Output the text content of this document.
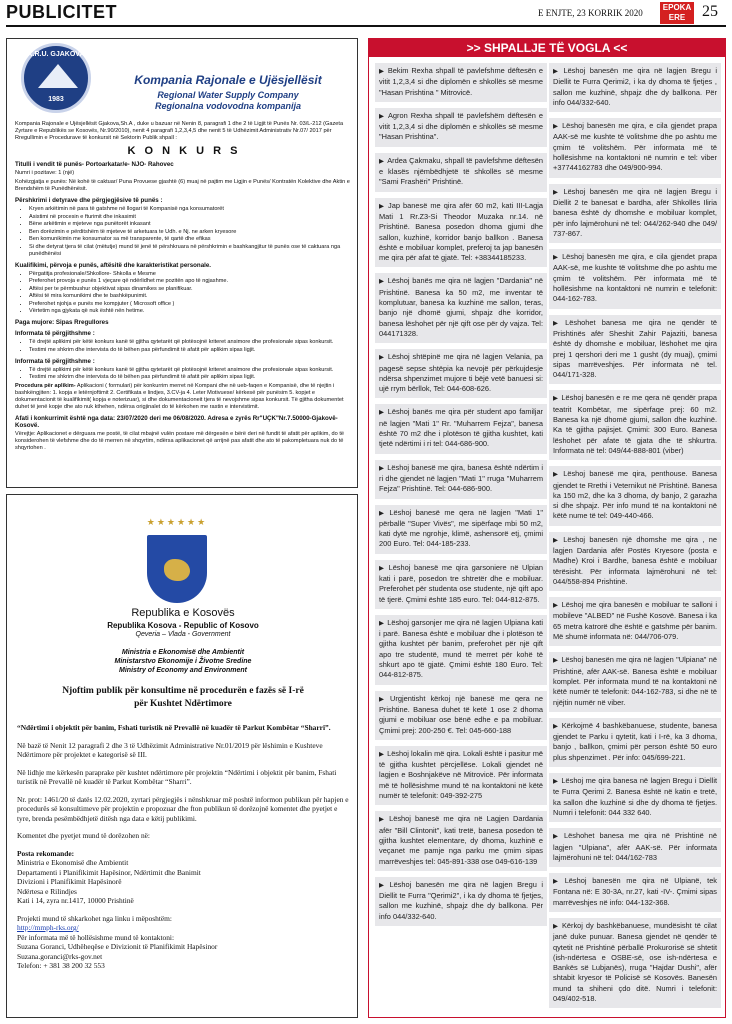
PUBLICITET	E ENJTE, 23 KORRIK 2020
EPOKA
ERE	25
K.R.U. GJAKOVA
1983
Kompania Rajonale e Ujësjellësit
Regional Water Supply Company
Regionalna vodovodna kompanija

Kompania Rajonale e Ujësjellësit Gjakova,Sh.A , duke u bazuar në Nenin 8, paragrafi 1 dhe 2 të Ligjit të Punës Nr. 03/L-212 (Gazeta Zyrtare e Republikës se Kosovës, Nr.90/2010), nenit 4 paragrafi 1,2,3,4,5 dhe nenit 5 të Udhëzimit Administrativ Nr.07/ 2017 për Rregullimin e Procedurave të konkursit në Sektorin Publik shpall :

K O N K U R S

Titulli i vendit të punës- Portoarkatar/e- NJO- Rahovec

Numri i pozitave: 1 (një)

Kohëzgjatja e punës: Në kohë të caktuar/ Puna Provuese gjashtë (6) muaj në pajtim me Ligjin e Punës/ Kontratën Kolektive dhe Aktin e Brendshëm të Punëdhënësit.

Përshkrimi i detyrave dhe përgjegjësive të punës :

• Kryen arkëtimin në para të gatshme në llogari të Kompanisë nga konsumatorët
• Asistimi në procesin e fturimit dhe inkasimit
• Bëne arkëtimin e mjeteve nga punëtorët inkasant
• Ben dorëzimin e përditshëm të mjeteve të arketuara te Udh. e Nj. ne arken kryesore
• Ben komunikimin me konsumator sa më transparente, të qartë dhe efikas
• Si dhe detyrat tjera të cilat (mëtutje) mund të jenë të përshkruara në përshkrimin e bashkangjitur të punës ose të caktuara nga punëdhënësi

Kualifikimi, përvoja e punës, aftësitë dhe karakteristikat personale.

• Përgatitja profesionale/Shkollore- Shkolla e Mesme
• Preferohet provoja e punës 1 vjeçare që ndërlidhet me pozitën apo të ngjashme.
• Aftësi per te përmbushur objektivat sipas dinamikes se planifikuar.
• Aftësi të mira komunikimi dhe te bashkëpunimit.
• Preferohet njohja e punës me kompjuter ( Microsoft office )
• Vërtetim nga gjykata që nuk është nën hetime.

Paga mujore: Sipas Rregullores

Informata të përgjithshme :

• Të drejtë aplikimi për këtë konkurs kanë të gjitha qytetarët që plotësojnë kriteret ansimore dhe profesionale sipas konkursit.
• Testimi me shkrim dhe intervista do të bëhen pas përfundimit të afatit për aplikim sipas ligjit.

Informata të përgjithshme :

• Të drejtë aplikimi për këtë konkurs kanë të gjitha qytetarët që plotësojnë kriteret ansimore dhe profesionale sipas konkursit.
• Testimi me shkrim dhe intervista do të bëhen pas përfundimit të afatit për aplikim sipas ligjit.

Procedura për aplikim- Aplikacioni ( formulari) për konkurrim merret në Kompani dhe në ueb-faqen e Kompanisë, dhe të njejtin i bashkëngjiten: 1. kopja e letërnjoftimit 2. Certifikata e lindjes, 3.CV-ja 4. Leter Motivuese/ kërkesë për punësim 5. kopjet e dokumentacionit të kualifikimit( kopja e noterizuar), si dhe dokumentacioneit tjera të nevojshme sipas konkursit. Të gjitha dokumentet duhet të jenë kopje dhe ato nuk kthehen, ndërsa origjinalet do të kërkohen me rastin e intervistimit.

Afati i konkurrimit është nga data: 23/07/2020 deri me 06/08/2020. Adresa e zyrës Rr"UÇK"Nr.7.50000-Gjakovë- Kosovë.

Vërejtje: Aplikacionet e dërguara me postë, të cilat mbajnë vulën postare më dërgesën e bërë deri në fundit të afatit për aplikim, do të konsiderohen të vlefshme dhe do të merren në shqyrtim, ndërsa aplikacionet që arrijnë pas afatit dhe ato të pakompletuara nuk do të shqyrtohen .

★★★★★★
Republika e Kosovës
Republika Kosova - Republic of Kosovo
Qeveria – Vlada - Government
Ministria e Ekonomisë dhe Ambientit
Ministarstvo Ekonomije i Životne Sredine
Ministry of Economy and Environment
Njoftim publik për konsultime në procedurën e fazës së I-rë
për Kushtet Ndërtimore

“Ndërtimi i objektit për banim, Fshati turistik në Prevallë në kuadër të Parkut Kombëtar “Sharri”.

Në bazë të Nenit 12 paragrafi 2 dhe 3 të Udhëzimit Administrative Nr.01/2019 për lëshimin e Kushteve Ndërtimore për projektet e kategorisë së III.

Në lidhje me kërkesën paraprake për kushtet ndërtimore për projektin “Ndërtimi i objektit për banim, Fshati turistik në Prevallë në kuadër të Parkut Kombëtar “Sharri”.

Nr. prot: 1461/20 të datës 12.02.2020, zyrtari përgjegjës i nënshkruar më poshtë informon publikun për hapjen e procedurës së konsultimeve për projektin e propozuar dhe fton publikun të dorëzojnë komentet dhe pyetjet e tyre, brenda pesëmbëdhjetë ditësh nga data e këtij publikimi.

Komentet dhe pyetjet mund të dorëzohen në:

Posta rekomande:
Ministria e Ekonomisë dhe Ambientit
Departamenti i Planifikimit Hapësinor, Ndërtimit dhe Banimit
Divizioni i Planifikimit Hapësinorë
Ndërtesa e Rilindjes
Kati i 14, zyra nr.1417, 10000 Prishtinë

Projekti mund të shkarkohet nga linku i mëposhtëm:
http://mmph-rks.org/
Për informata më të hollësishme mund të kontaktoni:
Suzana Goranci, Udhëheqëse e Divizionit të Planifikimit Hapësinor
Suzana.goranci@rks-gov.net
Telefon: + 381 38 200 32 553

>> SHPALLJE TË VOGLA <<
▶ Bekim Rexha shpall të pavlefshme dëftesën e vitit 1,2,3,4 si dhe diplomën e shkollës së mesme "Hasan Prishtina " Mitrovicë.
▶ Agron Rexha shpall të pavlefshëm dëftesën e vitit 1,2,3,4 si dhe diplomën e shkollës së mesme "Hasan Prishtina".
▶ Ardea Çakmaku, shpall të pavlefshme dëftesën e klasës njëmbëdhjetë të shkollës së mesme "Sami Frashëri" Prishtinë.
▶ Jap banesë me qira afër 60 m2, kati III-Lagja Mati 1 Rr.Z3-Si Theodor Muzaka nr.14. në Prishtinë. Banesa posedon dhoma gjumi dhe sallon, kuzhinë, korridor banjo ballkon . Banesa është e mobiluar komplet, preferoj ta jap banesën me qira për afat të gjatë. Tel: +38344185233.
▶ Lëshoj banës me qira në lagjen "Dardania" në Prishtinë. Banesa ka 50 m2, me inventar të komplutuar, banesa ka kuzhinë me sallon, teras, banjo një dhomë gjumi, shpajz dhe korridor, banesa lëshohet për një qift ose për dy vajza. Tel: 044171328.
▶ Lëshoj shtëpinë me qira në lagjen Velania, pa pagesë sepse shtëpia ka nevojë për përkujdesje ndërsa shpenzimet mujore ti bëjë vetë banuesi si: ujë rrym bërllok, Tel: 044-608-626.
▶ Lëshoj banës me qira për student apo familjar në lagjen "Mati 1" Rr. "Muharrem Fejza", banesa është 70 m2 dhe i plotëson të gjitha kushtet, kati tjetë ndërtimi i ri tel: 044-686-900.
▶ Lëshoj banesë me qira, banesa është ndërtim i ri dhe gjendet në lagjen "Mati 1" rruga "Muharrem Fejza" Prishtinë. Tel: 044-686-900.
▶ Lëshoj banesë me qera në lagjen "Mati 1" përballë "Super Vivës", me sipërfaqe mbi 50 m2, kati dytë me ngrohje, klimë, ashensorë etj, çmimi 200 Euro. Tel: 044-185-233.
▶ Lëshoj banesë me qira garsoniere në Ulpian kati i parë, posedon tre shtretër dhe e mobiluar. Preferohet për studenta ose studente, një qift apo të tjerë. Çmimi është 185 euro. Tel: 044-812-875.
▶ Lëshoj garsonjer me qira në lagjen Ulpiana kati i parë. Banesa është e mobiluar dhe i plotëson të gjitha kushtet për banim, preferohet për një qift apo tre studentë, mund të merret për kohë të shkurt apo të gjatë. Çmimi është 180 Euro. Tel: 044-812-875.
▶ Urgjentisht kërkoj një banesë me qera ne Prishtine. Banesa duhet të ketë 1 ose 2 dhoma gjumi e mobiluar ose bënë edhe e pa mobiluar. Çmimi prej: 200-250 €. Tel: 045-660-188
▶ Lëshoj lokalin më qira. Lokali është i pasitur më të gjitha kushtet përcjellëse. Lokali gjendet në lagjen e Boshnjakëve në Mitrovicë. Për informata më të hollësishme mund të na kontaktoni në këtë numër të telefonit: 049-392-275
▶ Lëshoj banesë me qira në Lagjen Dardania afër "Bill Clintonit", kati tretë, banesa posedon të gjitha kushtet elementare, dy dhoma, kuzhinë e veçanet me pamje nga parku me çmim sipas marrëveshjes tel: 045-891-338 ose 049-616-139
▶ Lëshoj banesën me qira në lagjen Bregu i Diellit te Furra "Qerimi2", i ka dy dhoma të fjetjes, sallon me kuzhinë, shpajz dhe dy ballkona. Për info 044/332-640.
▶ Lëshoj banesën me qira në lagjen Bregu i Diellit te Furra Qerimi2, i ka dy dhoma të fjetjes , sallon me kuzhinë, shpajz dhe dy ballkona. Për info 044/332-640.
▶ Lëshoj banesën me qira, e cila gjendet prapa AAK-së me kushte të volitshme dhe po ashtu me çmim të volitshëm. Për informata më të hollësishme na kontaktoni në numrin e tel: viber +37744162783 dhe 049/900-994.
▶ Lëshoj banesën me qira në lagjen Bregu i Diellit 2 te banesat e bardha, afër Shkollës Iliria banesa është dy dhomshe e mobiluar komplet, për info lajmërohuni në tel: 044/262-940 dhe 049/ 737-867.
▶ Lëshoj banesën me qira, e cila gjendet prapa AAK-së, me kushte të volitshme dhe po ashtu me çmim të volitshëm. Për informata më të hollësishme na kontaktoni në numrin e telefonit: 044-162-783.
▶ Lëshohet banesa me qira ne qendër të Prishtinës afër Sheshit Zahir Pajaziti, banesa është dy dhomshe e mobiluar, lëshohet me qira prej 1 qershori deri me 1 gusht (dy muaj), çmimi sipas marrëveshjes. Për informata në tel. 044/171-328.
▶ Lëshoj banesën e re me qera në qendër prapa teatrit Kombëtar, me sipërfaqe prej: 60 m2. Banesa ka një dhomë gjumi, sallon dhe kuzhinë. Ka të gjitha pajisjet. Çmimi: 300 Euro. Banesa lëshohet për afate të gjata dhe të shkurtra. Informata në tel: 049/44-888-801 (viber)
▶ Lëshoj banesë me qira, penthouse. Banesa gjendet te Rrethi i Veternikut në Prishtinë. Banesa ka 150 m2, dhe ka 3 dhoma, dy banjo, 2 garazha si dhe shpajz. Për info mund të na kontaktoni në këtë nume të tel: 049-440-466.
▶ Lëshoj banesën një dhomshe me qira , ne lagjen Dardania afër Postës Kryesore (posta e Madhe) Kroi i Bardhe, banesa është e mobiluar tërësisht. Për informata lajmërohuni në tel: 044/558-894 Prishtinë.
▶ Lëshoj me qira banesën e mobiluar te salloni i mobileve "ALBED" në Fushë Kosovë. Banesa i ka 65 metra katrorë dhe është e gatshme për banim. Më shumë informata në: 044/706-079.
▶ Lëshoj banesën me qira në lagjen "Ulpiana" në Prishtinë, afër AAK-së. Banesa është e mobiluar komplet. Për informata mund të na kontaktoni në këtë numër të telefonit: 044-162-783, si dhe në të njëjtin numër në viber.
▶ Kërkojmë 4 bashkëbanuese, studente, banesa gjendet te Parku i qytetit, kati i I-rë, ka 3 dhoma, banjo , ballkon, çmimi për person është 50 euro plus shpenzimet . Për info: 045/699-221.
▶ Lëshoj me qira banesa në lagjen Bregu i Diellit te Furra Qerimi 2. Banesa është në katin e tretë, ka sallon dhe kuzhinë si dhe dy dhoma të fjetjes. Numri i telefonit: 044 332 640.
▶ Lëshohet banesa me qira në Prishtinë në lagjen "Ulpiana", afër AAK-së. Për informata lajmërohuni në tel: 044/162-783
▶ Lëshoj banesën me qira në Ulpianë, tek Fontana në: E 30-3A, nr.27, kati -IV-. Çmimi sipas marrëveshjes në info: 044-132-368.
▶ Kërkoj dy bashkëbanuese, mundësisht të cilat janë duke punuar. Banesa gjendet në qendër të qytetit në Prishtinë përballë Prokurorisë së shtetit (ish-ndërtesa e OSBE-së, ose ish-ndërtesa e Bankës së Lubjanës), rruga "Hajdar Dushi", afër shtabit kryesor të Policisë së Kosovës. Banesën mund ta shiheni çdo ditë. Numri i telefonit: 049/402-518.
